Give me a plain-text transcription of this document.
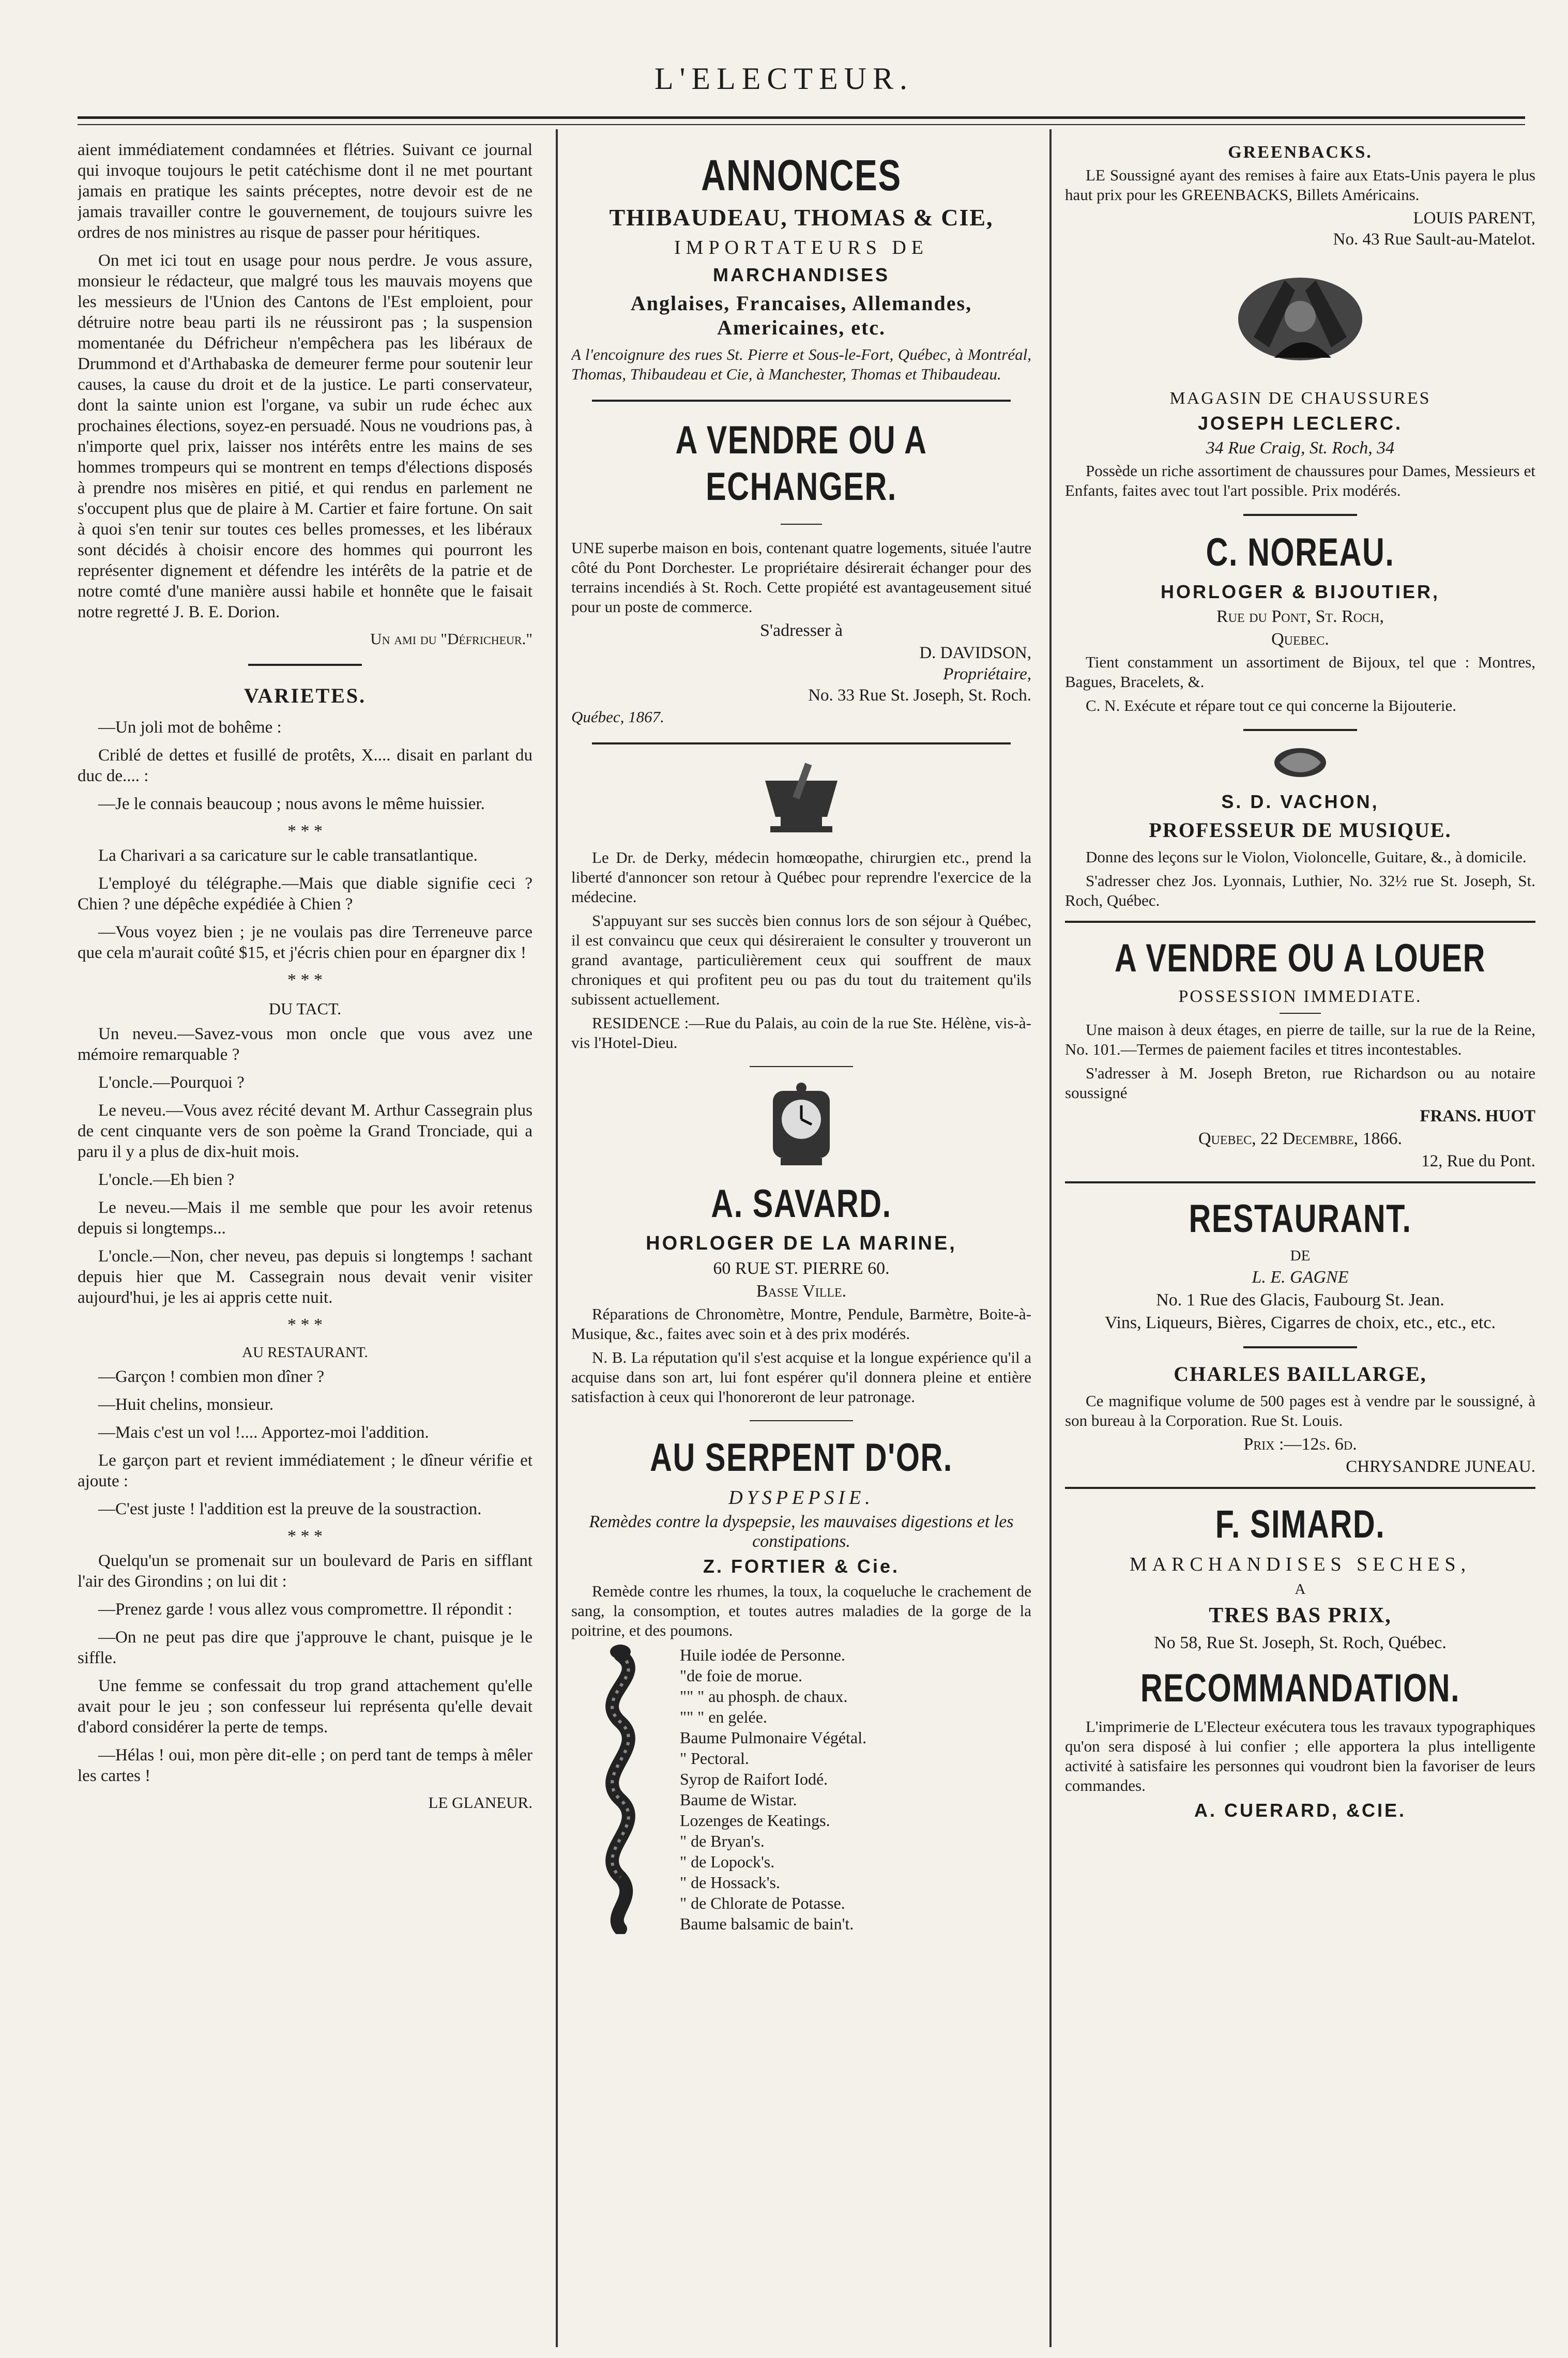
L'ELECTEUR.

aient immédiatement condamnées et flétries. Suivant ce journal qui invoque toujours le petit catéchisme dont il ne met pourtant jamais en pratique les saints préceptes, notre devoir est de ne jamais travailler contre le gouvernement, de toujours suivre les ordres de nos ministres au risque de passer pour héritiques.

On met ici tout en usage pour nous perdre. Je vous assure, monsieur le rédacteur, que malgré tous les mauvais moyens que les messieurs de l'Union des Cantons de l'Est emploient, pour détruire notre beau parti ils ne réussiront pas ; la suspension momentanée du Défricheur n'empêchera pas les libéraux de Drummond et d'Arthabaska de demeurer ferme pour soutenir leur causes, la cause du droit et de la justice. Le parti conservateur, dont la sainte union est l'organe, va subir un rude échec aux prochaines élections, soyez-en persuadé. Nous ne voudrions pas, à n'importe quel prix, laisser nos intérêts entre les mains de ses hommes trompeurs qui se montrent en temps d'élections disposés à prendre nos misères en pitié, et qui rendus en parlement ne s'occupent plus que de plaire à M. Cartier et faire fortune. On sait à quoi s'en tenir sur toutes ces belles promesses, et les libéraux sont décidés à choisir encore des hommes qui pourront les représenter dignement et défendre les intérêts de la patrie et de notre comté d'une manière aussi habile et honnête que le faisait notre regretté J. B. E. Dorion.

Un ami du "Défricheur."
VARIETES.

—Un joli mot de bohême :

Criblé de dettes et fusillé de protêts, X.... disait en parlant du duc de.... :

—Je le connais beaucoup ; nous avons le même huissier.

* * *

La Charivari a sa caricature sur le cable transatlantique.

L'employé du télégraphe.—Mais que diable signifie ceci ? Chien ? une dépêche expédiée à Chien ?

—Vous voyez bien ; je ne voulais pas dire Terreneuve parce que cela m'aurait coûté $15, et j'écris chien pour en épargner dix !

* * *
DU TACT.

Un neveu.—Savez-vous mon oncle que vous avez une mémoire remarquable ?

L'oncle.—Pourquoi ?

Le neveu.—Vous avez récité devant M. Arthur Cassegrain plus de cent cinquante vers de son poème la Grand Tronciade, qui a paru il y a plus de dix-huit mois.

L'oncle.—Eh bien ?

Le neveu.—Mais il me semble que pour les avoir retenus depuis si longtemps...

L'oncle.—Non, cher neveu, pas depuis si longtemps ! sachant depuis hier que M. Cassegrain nous devait venir visiter aujourd'hui, je les ai appris cette nuit.

* * *
AU RESTAURANT.

—Garçon ! combien mon dîner ?

—Huit chelins, monsieur.

—Mais c'est un vol !.... Apportez-moi l'addition.

Le garçon part et revient immédiatement ; le dîneur vérifie et ajoute :

—C'est juste ! l'addition est la preuve de la soustraction.

* * *

Quelqu'un se promenait sur un boulevard de Paris en sifflant l'air des Girondins ; on lui dit :

—Prenez garde ! vous allez vous compromettre. Il répondit :

—On ne peut pas dire que j'approuve le chant, puisque je le siffle.

Une femme se confessait du trop grand attachement qu'elle avait pour le jeu ; son confesseur lui représenta qu'elle devait d'abord considérer la perte de temps.

—Hélas ! oui, mon père dit-elle ; on perd tant de temps à mêler les cartes !

LE GLANEUR.
ANNONCES
THIBAUDEAU, THOMAS & CIE,
IMPORTATEURS DE
MARCHANDISES
Anglaises, Francaises, Allemandes, Americaines, etc.

A l'encoignure des rues St. Pierre et Sous-le-Fort, Québec, à Montréal, Thomas, Thibaudeau et Cie, à Manchester, Thomas et Thibaudeau.

A VENDRE OU A ECHANGER.

UNE superbe maison en bois, contenant quatre logements, située l'autre côté du Pont Dorchester. Le propriétaire désirerait échanger pour des terrains incendiés à St. Roch. Cette propiété est avantageusement situé pour un poste de commerce.

S'adresser à
D. DAVIDSON,
Propriétaire,
No. 33 Rue St. Joseph, St. Roch.
Québec, 1867.

Le Dr. de Derky, médecin homœopathe, chirurgien etc., prend la liberté d'annoncer son retour à Québec pour reprendre l'exercice de la médecine.

S'appuyant sur ses succès bien connus lors de son séjour à Québec, il est convaincu que ceux qui désireraient le consulter y trouveront un grand avantage, particulièrement ceux qui souffrent de maux chroniques et qui profitent peu ou pas du tout du traitement qu'ils subissent actuellement.

RESIDENCE :—Rue du Palais, au coin de la rue Ste. Hélène, vis-à-vis l'Hotel-Dieu.

A. SAVARD.
HORLOGER DE LA MARINE,
60 RUE ST. PIERRE 60.
Basse Ville.

Réparations de Chronomètre, Montre, Pendule, Barmètre, Boite-à-Musique, &c., faites avec soin et à des prix modérés.

N. B. La réputation qu'il s'est acquise et la longue expérience qu'il a acquise dans son art, lui font espérer qu'il donnera pleine et entière satisfaction à ceux qui l'honoreront de leur patronage.

AU SERPENT D'OR.
DYSPEPSIE.
Remèdes contre la dyspepsie, les mauvaises digestions et les constipations.
Z. FORTIER & Cie.

Remède contre les rhumes, la toux, la coqueluche le crachement de sang, la consomption, et toutes autres maladies de la gorge de la poitrine, et des poumons.

Huile iodée de Personne.
"de foie de morue.
"" " au phosph. de chaux.
"" " en gelée.
Baume Pulmonaire Végétal.
" Pectoral.
Syrop de Raifort Iodé.
Baume de Wistar.
Lozenges de Keatings.
" de Bryan's.
" de Lopock's.
" de Hossack's.
" de Chlorate de Potasse.
Baume balsamic de bain't.
GREENBACKS.

LE Soussigné ayant des remises à faire aux Etats-Unis payera le plus haut prix pour les GREENBACKS, Billets Américains.

LOUIS PARENT,
No. 43 Rue Sault-au-Matelot.
MAGASIN DE CHAUSSURES
JOSEPH LECLERC.
34 Rue Craig, St. Roch, 34

Possède un riche assortiment de chaussures pour Dames, Messieurs et Enfants, faites avec tout l'art possible. Prix modérés.

C. NOREAU.
HORLOGER & BIJOUTIER,
Rue du Pont, St. Roch,
Quebec.

Tient constamment un assortiment de Bijoux, tel que : Montres, Bagues, Bracelets, &.

C. N. Exécute et répare tout ce qui concerne la Bijouterie.

S. D. VACHON,
PROFESSEUR DE MUSIQUE.

Donne des leçons sur le Violon, Violoncelle, Guitare, &., à domicile.

S'adresser chez Jos. Lyonnais, Luthier, No. 32½ rue St. Joseph, St. Roch, Québec.

A VENDRE OU A LOUER
POSSESSION IMMEDIATE.

Une maison à deux étages, en pierre de taille, sur la rue de la Reine, No. 101.—Termes de paiement faciles et titres incontestables.

S'adresser à M. Joseph Breton, rue Richardson ou au notaire soussigné

FRANS. HUOT
Quebec, 22 Decembre, 1866.
12, Rue du Pont.
RESTAURANT.
DE
L. E. GAGNE
No. 1 Rue des Glacis, Faubourg St. Jean.
Vins, Liqueurs, Bières, Cigarres de choix, etc., etc., etc.
CHARLES BAILLARGE,

Ce magnifique volume de 500 pages est à vendre par le soussigné, à son bureau à la Corporation. Rue St. Louis.

Prix :—12s. 6d.
CHRYSANDRE JUNEAU.
F. SIMARD.
MARCHANDISES SECHES,
A
TRES BAS PRIX,
No 58, Rue St. Joseph, St. Roch, Québec.
RECOMMANDATION.

L'imprimerie de L'Electeur exécutera tous les travaux typographiques qu'on sera disposé à lui confier ; elle apportera la plus intelligente activité à satisfaire les personnes qui voudront bien la favoriser de leurs commandes.

A. CUERARD, &CIE.
